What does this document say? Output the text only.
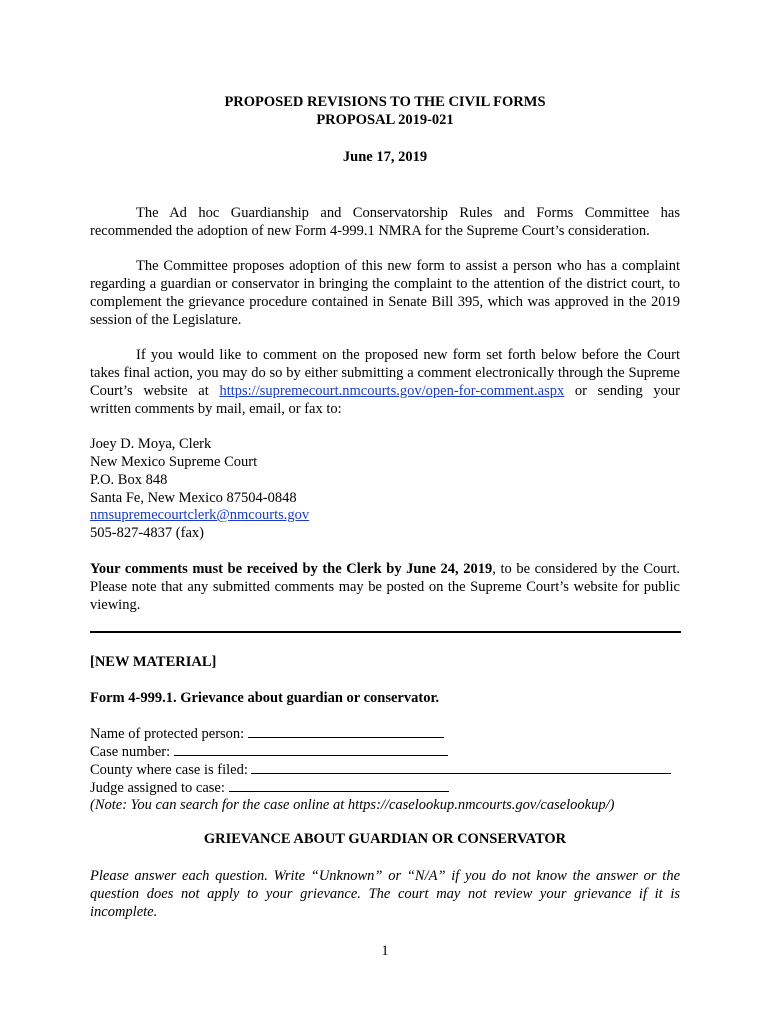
PROPOSED REVISIONS TO THE CIVIL FORMS
PROPOSAL 2019-021
June 17, 2019
The Ad hoc Guardianship and Conservatorship Rules and Forms Committee has recommended the adoption of new Form 4-999.1 NMRA for the Supreme Court’s consideration.
The Committee proposes adoption of this new form to assist a person who has a complaint regarding a guardian or conservator in bringing the complaint to the attention of the district court, to complement the grievance procedure contained in Senate Bill 395, which was approved in the 2019 session of the Legislature.
If you would like to comment on the proposed new form set forth below before the Court takes final action, you may do so by either submitting a comment electronically through the Supreme Court’s website at https://supremecourt.nmcourts.gov/open-for-comment.aspx or sending your written comments by mail, email, or fax to:
Joey D. Moya, Clerk
New Mexico Supreme Court
P.O. Box 848
Santa Fe, New Mexico 87504-0848
nmsupremecourtclerk@nmcourts.gov
505-827-4837 (fax)
Your comments must be received by the Clerk by June 24, 2019, to be considered by the Court. Please note that any submitted comments may be posted on the Supreme Court’s website for public viewing.
[NEW MATERIAL]
Form 4-999.1. Grievance about guardian or conservator.
Name of protected person:
Case number:
County where case is filed:
Judge assigned to case:
(Note: You can search for the case online at https://caselookup.nmcourts.gov/caselookup/)
GRIEVANCE ABOUT GUARDIAN OR CONSERVATOR
Please answer each question. Write “Unknown” or “N/A” if you do not know the answer or the question does not apply to your grievance. The court may not review your grievance if it is incomplete.
1
